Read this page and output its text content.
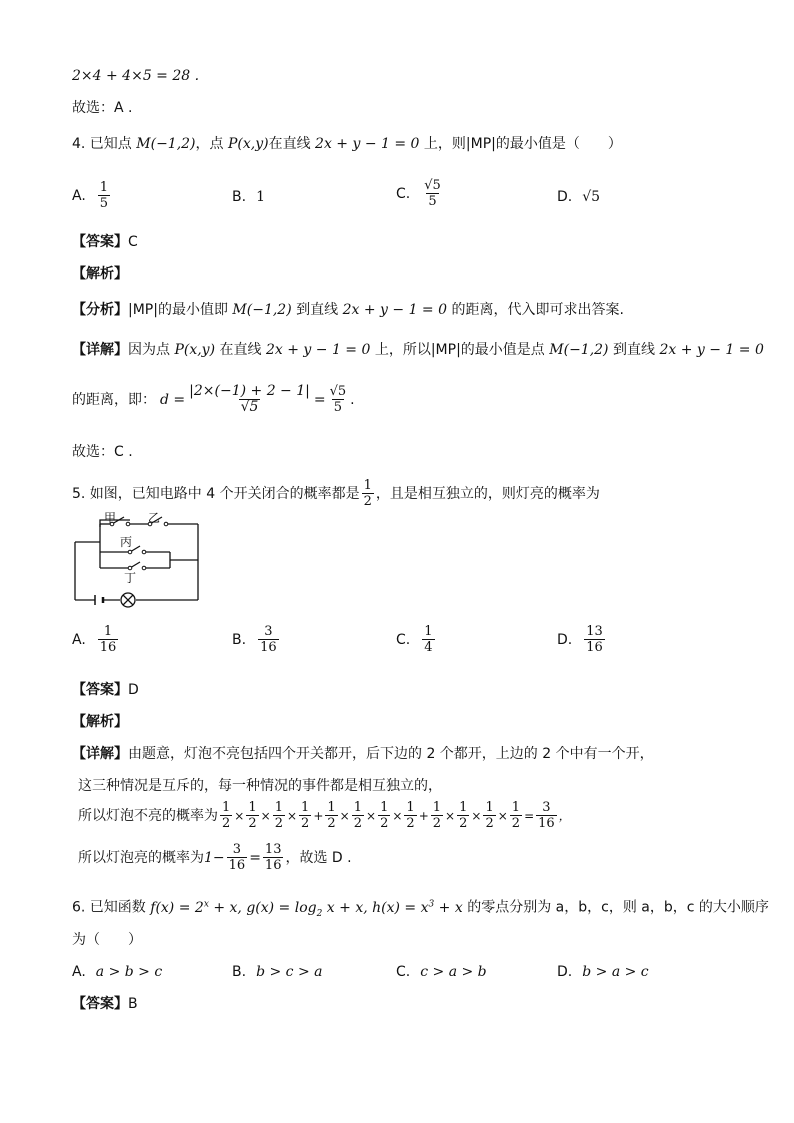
2×4 + 4×5 = 28 .
故选：A .
4. 已知点 M(−1,2)，点 P(x,y)在直线 2x + y − 1 = 0 上，则|MP|的最小值是（　　）
A. $\frac{1}{5}$	B. 1	C. $\frac{√5}{5}$	D. √5
【答案】C
【解析】
【分析】|MP|的最小值即 M(−1,2) 到直线 2x + y − 1 = 0 的距离，代入即可求出答案.
【详解】因为点 P(x,y) 在直线 2x + y − 1 = 0 上，所以|MP|的最小值是点 M(−1,2) 到直线 2x + y − 1 = 0
的距离，即： $d = \frac{|2\times(-1) + 2 - 1|}{√5} = \frac{√5}{5}$ .
故选：C .
5. 如图，已知电路中 4 个开关闭合的概率都是 $\frac{1}{2}$ ，且是相互独立的，则灯亮的概率为
甲	乙
丙
丁
A. $\frac{1}{16}$	B. $\frac{3}{16}$	C. $\frac{1}{4}$	D. $\frac{13}{16}$
【答案】D
【解析】
【详解】由题意，灯泡不亮包括四个开关都开，后下边的 2 个都开，上边的 2 个中有一个开，
这三种情况是互斥的，每一种情况的事件都是相互独立的，
所以灯泡不亮的概率为 $\frac{1}{2} \times \frac{1}{2} \times \frac{1}{2} \times \frac{1}{2} + \frac{1}{2} \times \frac{1}{2} \times \frac{1}{2} \times \frac{1}{2} + \frac{1}{2} \times \frac{1}{2} \times \frac{1}{2} \times \frac{1}{2} = \frac{3}{16}$ ，
所以灯泡亮的概率为 $1- \frac{3}{16} = \frac{13}{16}$ ，故选 D .
6. 已知函数 $f(x) = 2^x + x$, $g(x) = \log_2 x + x$, $h(x) = x^3 + x$ 的零点分别为 a，b，c，则 a，b，c 的大小顺序
为（　　）
A. a > b > c	B. b > c > a	C. c > a > b	D. b > a > c
【答案】B
